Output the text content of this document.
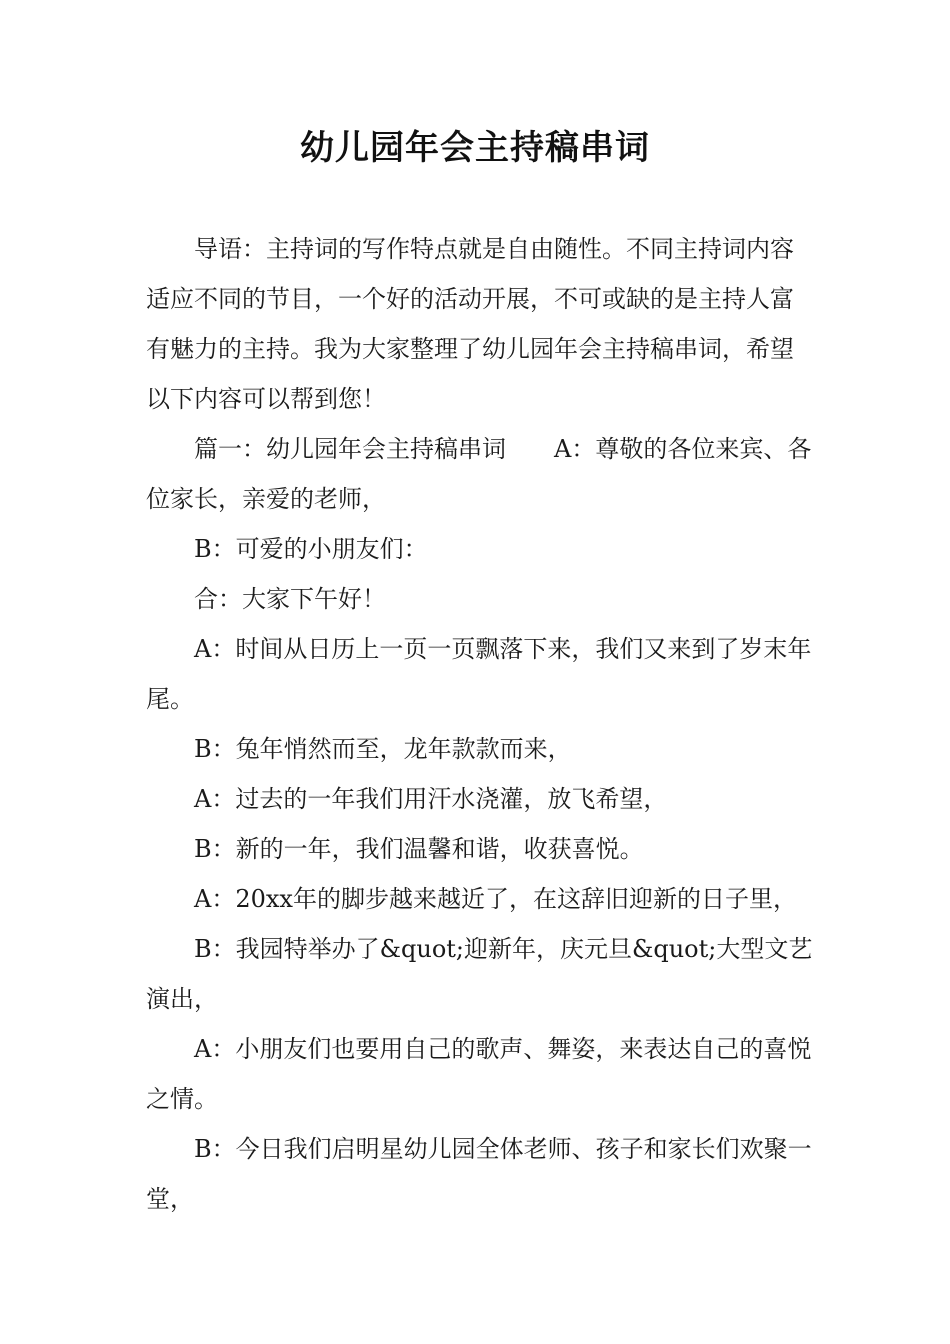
幼儿园年会主持稿串词

导语：主持词的写作特点就是自由随性。不同主持词内容适应不同的节目，一个好的活动开展，不可或缺的是主持人富有魅力的主持。我为大家整理了幼儿园年会主持稿串词，希望以下内容可以帮到您！

篇一：幼儿园年会主持稿串词　　A：尊敬的各位来宾、各位家长，亲爱的老师，

B：可爱的小朋友们：

合：大家下午好！

A：时间从日历上一页一页飘落下来，我们又来到了岁末年尾。

B：兔年悄然而至，龙年款款而来，

A：过去的一年我们用汗水浇灌，放飞希望，

B：新的一年，我们温馨和谐，收获喜悦。

A：20xx年的脚步越来越近了，在这辞旧迎新的日子里，

B：我园特举办了&quot;迎新年，庆元旦&quot;大型文艺演出，

A：小朋友们也要用自己的歌声、舞姿，来表达自己的喜悦之情。

B：今日我们启明星幼儿园全体老师、孩子和家长们欢聚一堂，
